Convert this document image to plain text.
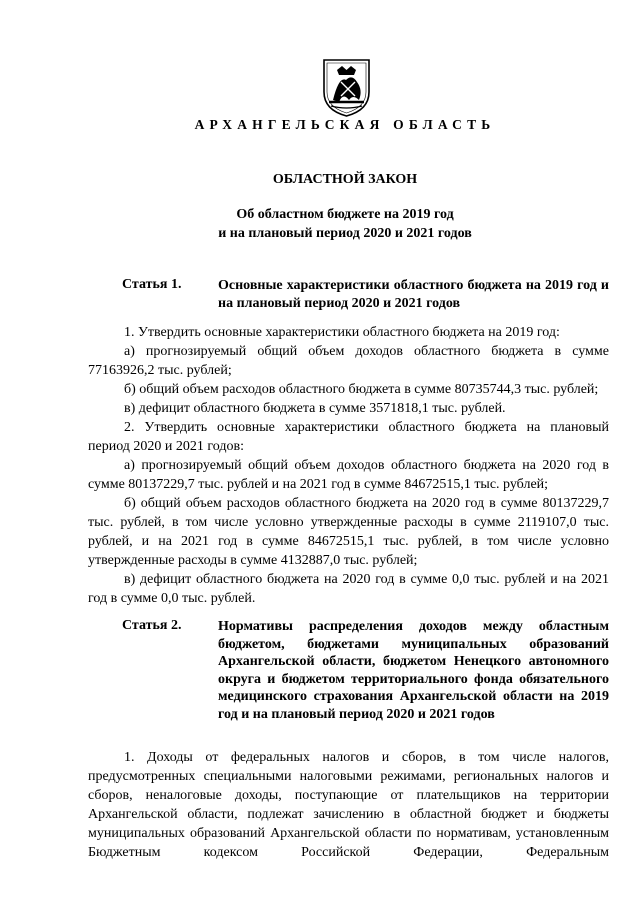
АРХАНГЕЛЬСКАЯ ОБЛАСТЬ
ОБЛАСТНОЙ ЗАКОН
Об областном бюджете на 2019 год
и на плановый период 2020 и 2021 годов
Статья 1.	Основные характеристики областного бюджета на 2019 год и на плановый период 2020 и 2021 годов

1. Утвердить основные характеристики областного бюджета на 2019 год:

а) прогнозируемый общий объем доходов областного бюджета в сумме 77163926,2 тыс. рублей;

б) общий объем расходов областного бюджета в сумме 80735744,3 тыс. рублей;

в) дефицит областного бюджета в сумме 3571818,1 тыс. рублей.

2. Утвердить основные характеристики областного бюджета на плановый период 2020 и 2021 годов:

а) прогнозируемый общий объем доходов областного бюджета на 2020 год в сумме 80137229,7 тыс. рублей и на 2021 год в сумме 84672515,1 тыс. рублей;

б) общий объем расходов областного бюджета на 2020 год в сумме 80137229,7 тыс. рублей, в том числе условно утвержденные расходы в сумме 2119107,0 тыс. рублей, и на 2021 год в сумме 84672515,1 тыс. рублей, в том числе условно утвержденные расходы в сумме 4132887,0 тыс. рублей;

в) дефицит областного бюджета на 2020 год в сумме 0,0 тыс. рублей и на 2021 год в сумме 0,0 тыс. рублей.

Статья 2.	Нормативы распределения доходов между областным бюджетом, бюджетами муниципальных образований Архангельской области, бюджетом Ненецкого автономного округа и бюджетом территориального фонда обязательного медицинского страхования Архангельской области на 2019 год и на плановый период 2020 и 2021 годов

1. Доходы от федеральных налогов и сборов, в том числе налогов, предусмотренных специальными налоговыми режимами, региональных налогов и сборов, неналоговые доходы, поступающие от плательщиков на территории Архангельской области, подлежат зачислению в областной бюджет и бюджеты муниципальных образований Архангельской области по нормативам, установленным Бюджетным кодексом Российской Федерации, Федеральным
